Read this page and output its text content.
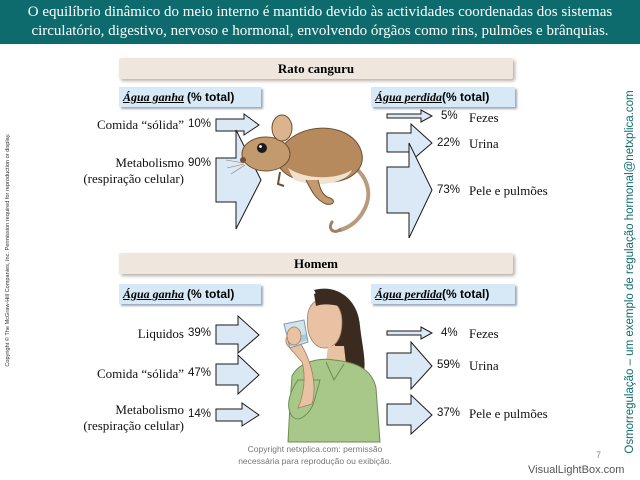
O equilíbrio dinâmico do meio interno é mantido devido às actividades coordenadas dos sistemas
circulatório, digestivo, nervoso e hormonal, envolvendo órgãos como rins, pulmões e brânquias.
Osmorregulação – um exemplo de regulação hormonal@netxplica.com
Copyright © The McGraw-Hill Companies, Inc. Permission required for reproduction or display.
Rato canguru
Água ganha (% total)	Água perdida(% total)
Comida “sólida” 10%
Metabolismo
(respiração celular)
90%
5% Fezes
22% Urina
73% Pele e pulmões
Homem
Água ganha (% total)	Água perdida(% total)
Liquidos 39%
Comida “sólida” 47%
Metabolismo
(respiração celular)
14%
4% Fezes
59% Urina
37% Pele e pulmões
Copyright netxplica.com: permissão
necessária para reprodução ou exibição.
7
VisualLightBox.com
